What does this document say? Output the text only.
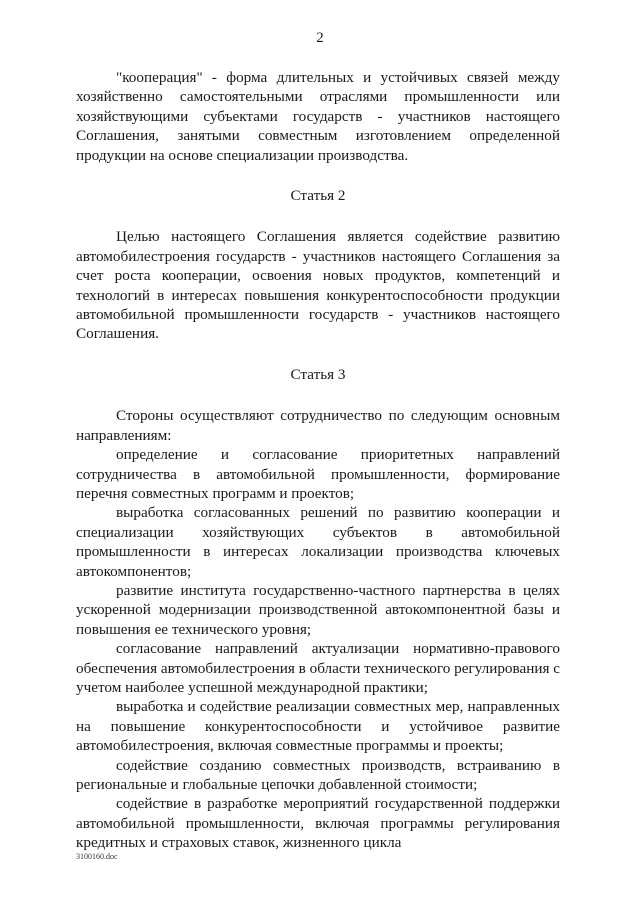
2

"кооперация" - форма длительных и устойчивых связей между хозяйственно самостоятельными отраслями промышленности или хозяйствующими субъектами государств - участников настоящего Соглашения, занятыми совместным изготовлением определенной продукции на основе специализации производства.

Статья 2

Целью настоящего Соглашения является содействие развитию автомобилестроения государств - участников настоящего Соглашения за счет роста кооперации, освоения новых продуктов, компетенций и технологий в интересах повышения конкурентоспособности продукции автомобильной промышленности государств - участников настоящего Соглашения.

Статья 3

Стороны осуществляют сотрудничество по следующим основным направлениям:

определение и согласование приоритетных направлений сотрудничества в автомобильной промышленности, формирование перечня совместных программ и проектов;

выработка согласованных решений по развитию кооперации и специализации хозяйствующих субъектов в автомобильной промышленности в интересах локализации производства ключевых автокомпонентов;

развитие института государственно-частного партнерства в целях ускоренной модернизации производственной автокомпонентной базы и повышения ее технического уровня;

согласование направлений актуализации нормативно-правового обеспечения автомобилестроения в области технического регулирования с учетом наиболее успешной международной практики;

выработка и содействие реализации совместных мер, направленных на повышение конкурентоспособности и устойчивое развитие автомобилестроения, включая совместные программы и проекты;

содействие созданию совместных производств, встраиванию в региональные и глобальные цепочки добавленной стоимости;

содействие в разработке мероприятий государственной поддержки автомобильной промышленности, включая программы регулирования кредитных и страховых ставок, жизненного цикла

3100160.doc
